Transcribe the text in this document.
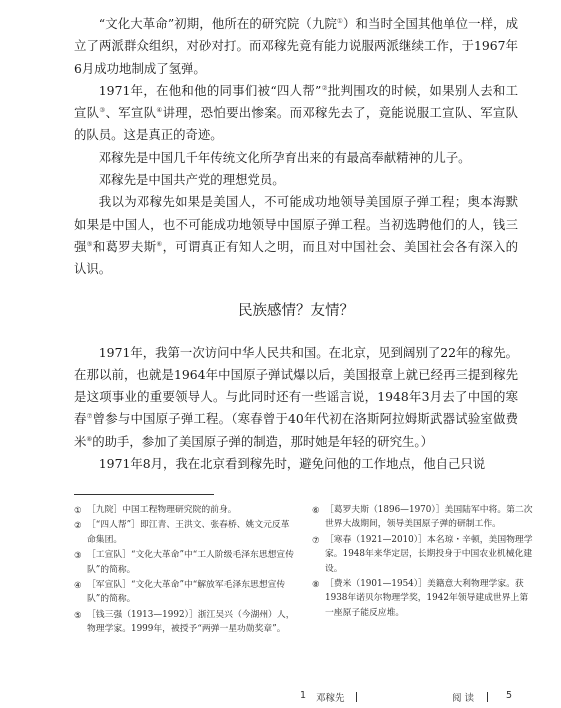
“文化大革命”初期，他所在的研究院（九院①）和当时全国其他单位一样，成立了两派群众组织，对砂对打。而邓稼先竟有能力说服两派继续工作，于1967年6月成功地制成了氢弹。

1971年，在他和他的同事们被“四人帮”②批判围攻的时候，如果别人去和工宣队③、军宣队④讲理，恐怕要出惨案。而邓稼先去了，竟能说服工宣队、军宣队的队员。这是真正的奇迹。

邓稼先是中国几千年传统文化所孕育出来的有最高奉献精神的儿子。

邓稼先是中国共产党的理想党员。

我以为邓稼先如果是美国人，不可能成功地领导美国原子弹工程；奥本海默如果是中国人，也不可能成功地领导中国原子弹工程。当初选聘他们的人，钱三强⑤和葛罗夫斯⑥，可谓真正有知人之明，而且对中国社会、美国社会各有深入的认识。

民族感情？友情？

1971年，我第一次访问中华人民共和国。在北京，见到阔别了22年的稼先。在那以前，也就是1964年中国原子弹试爆以后，美国报章上就已经再三提到稼先是这项事业的重要领导人。与此同时还有一些谣言说，1948年3月去了中国的寒春⑦曾参与中国原子弹工程。（寒春曾于40年代初在洛斯阿拉姆斯武器试验室做费米⑧的助手，参加了美国原子弹的制造，那时她是年轻的研究生。）

1971年8月，我在北京看到稼先时，避免问他的工作地点，他自己只说

① ［九院］中国工程物理研究院的前身。
② ［“四人帮”］即江青、王洪文、张春桥、姚文元反革命集团。
③ ［工宣队］“文化大革命”中“工人阶级毛泽东思想宣传队”的简称。
④ ［军宣队］“文化大革命”中“解放军毛泽东思想宣传队”的简称。
⑤ ［钱三强（1913—1992）］浙江吴兴（今湖州）人，物理学家。1999年，被授予“两弹一星功勋奖章”。
⑥ ［葛罗夫斯（1896—1970）］美国陆军中将。第二次世界大战期间，领导美国原子弹的研制工作。
⑦ ［寒春（1921—2010）］本名琼・辛顿，美国物理学家。1948年来华定居，长期投身于中国农业机械化建设。
⑧ ［费米（1901—1954）］美籍意大利物理学家。获1938年诺贝尔物理学奖，1942年领导建成世界上第一座原子能反应堆。
1 邓稼先	阅 读	5
